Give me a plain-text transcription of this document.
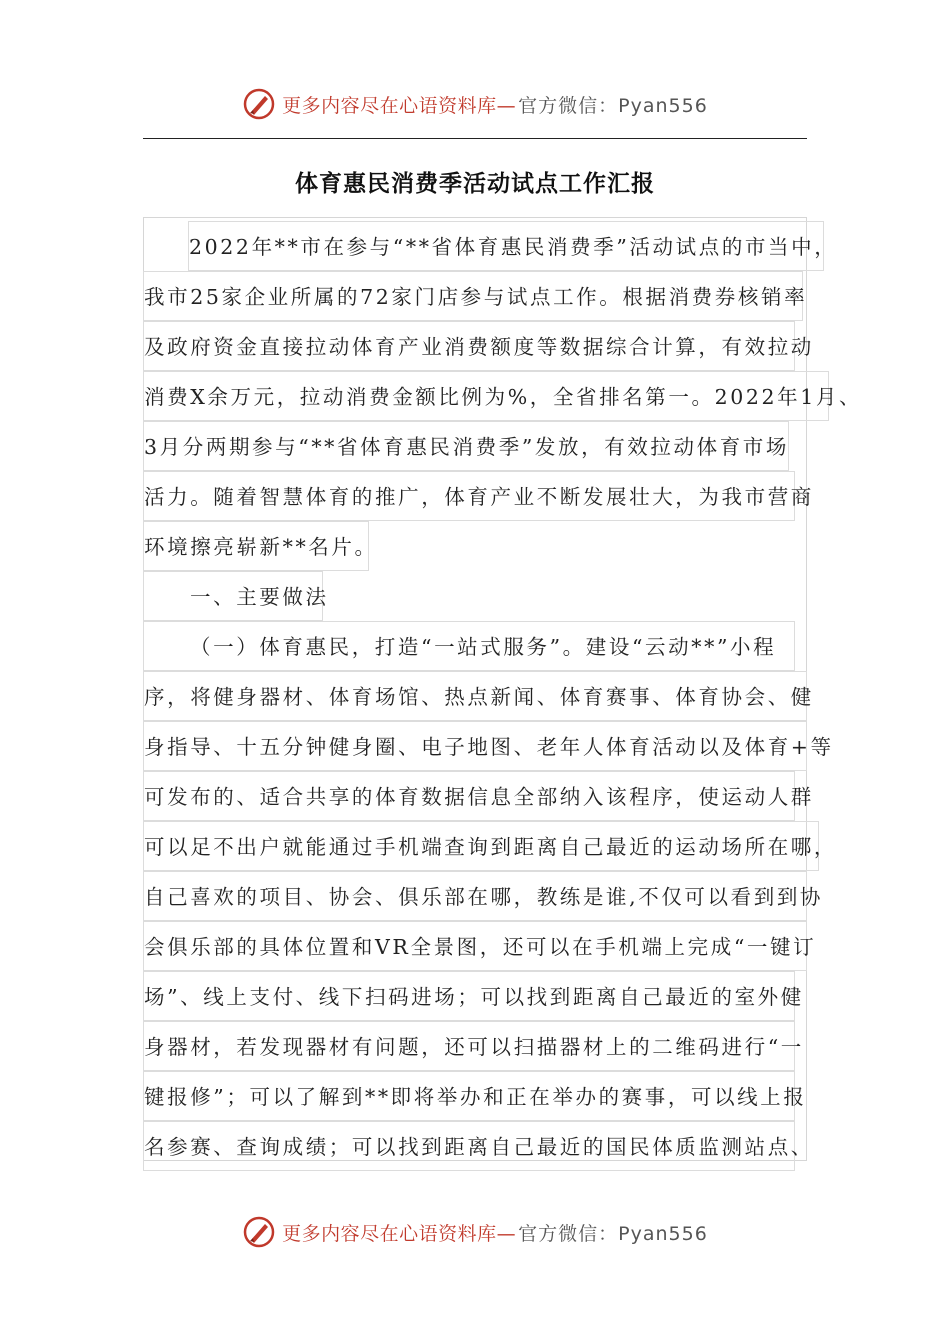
更多内容尽在心语资料库— 官方微信：Pyan556
体育惠民消费季活动试点工作汇报
2022年**市在参与“**省体育惠民消费季”活动试点的市当中，
我市25家企业所属的72家门店参与试点工作。根据消费券核销率
及政府资金直接拉动体育产业消费额度等数据综合计算，有效拉动
消费X余万元，拉动消费金额比例为%，全省排名第一。2022年1月、
3月分两期参与“**省体育惠民消费季”发放，有效拉动体育市场
活力。随着智慧体育的推广，体育产业不断发展壮大，为我市营商
环境擦亮崭新**名片。
一、主要做法
（一）体育惠民，打造“一站式服务”。建设“云动**”小程
序，将健身器材、体育场馆、热点新闻、体育赛事、体育协会、健
身指导、十五分钟健身圈、电子地图、老年人体育活动以及体育+等
可发布的、适合共享的体育数据信息全部纳入该程序，使运动人群
可以足不出户就能通过手机端查询到距离自己最近的运动场所在哪，
自己喜欢的项目、协会、俱乐部在哪，教练是谁,不仅可以看到到协
会俱乐部的具体位置和VR全景图，还可以在手机端上完成“一键订
场”、线上支付、线下扫码进场；可以找到距离自己最近的室外健
身器材，若发现器材有问题，还可以扫描器材上的二维码进行“一
键报修”；可以了解到**即将举办和正在举办的赛事，可以线上报
名参赛、查询成绩；可以找到距离自己最近的国民体质监测站点、
更多内容尽在心语资料库— 官方微信：Pyan556
